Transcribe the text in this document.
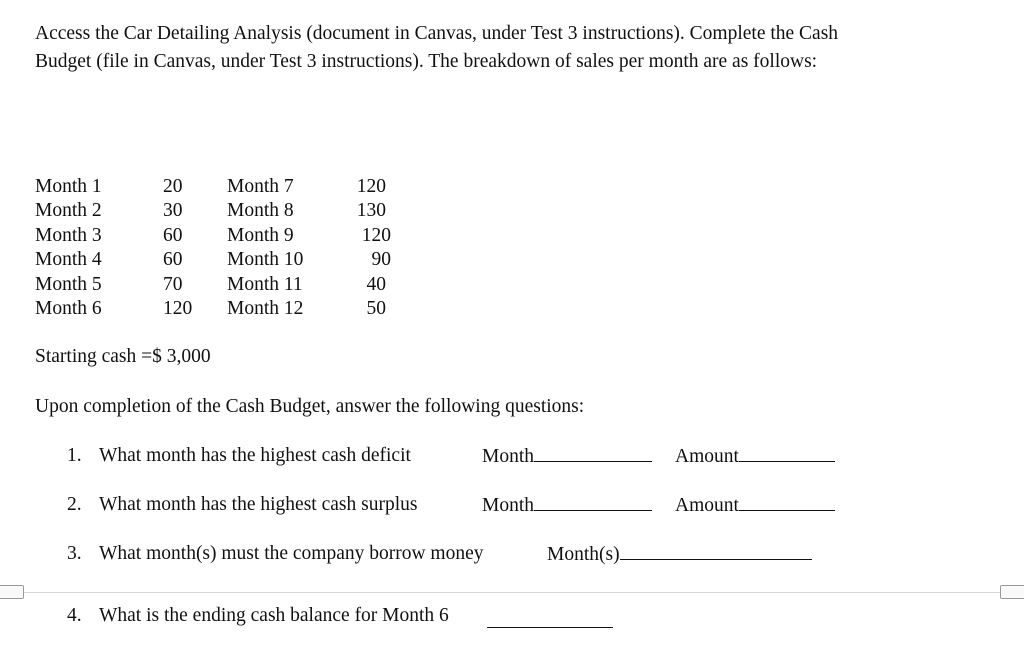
Access the Car Detailing Analysis (document in Canvas, under Test 3 instructions). Complete the Cash Budget (file in Canvas, under Test 3 instructions). The breakdown of sales per month are as follows:

Month 1	20
Month 2	30
Month 3	60
Month 4	60
Month 5	70
Month 6	120
Month 7	120
Month 8	130
Month 9	120
Month 10	90
Month 11	40
Month 12	50
Starting cash =$ 3,000
Upon completion of the Cash Budget, answer the following questions:
1. What month has the highest cash deficit	Month	Amount
2. What month has the highest cash surplus	Month	Amount
3. What month(s) must the company borrow money	Month(s)
4. What is the ending cash balance for Month 6
